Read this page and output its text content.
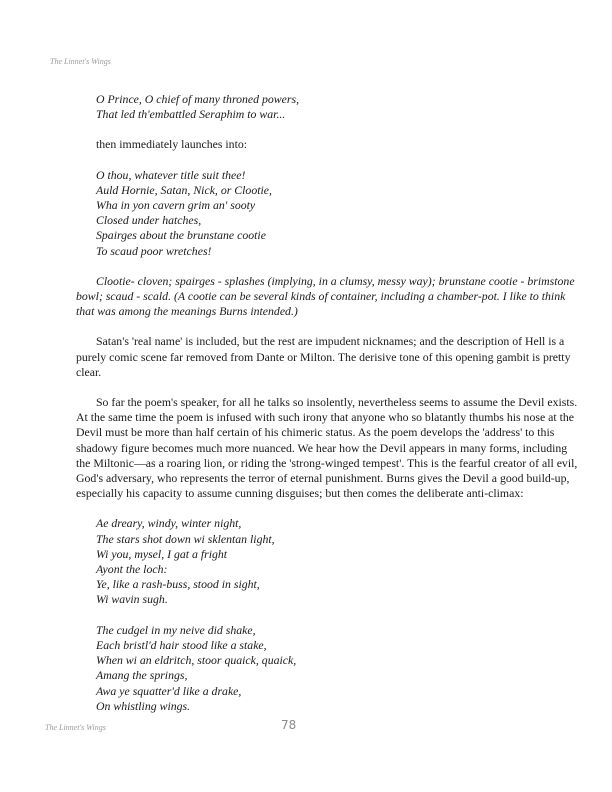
The Linnet's Wings
O Prince, O chief of many throned powers,
That led th'embattled Seraphim to war...
then immediately launches into:
O thou, whatever title suit thee!
Auld Hornie, Satan, Nick, or Clootie,
Wha in yon cavern grim an' sooty
Closed under hatches,
Spairges about the brunstane cootie
To scaud poor wretches!

Clootie- cloven; spairges - splashes (implying, in a clumsy, messy way); brunstane cootie - brimstone bowl; scaud - scald. (A cootie can be several kinds of container, including a chamber-pot. I like to think that was among the meanings Burns intended.)

Satan's 'real name' is included, but the rest are impudent nicknames; and the description of Hell is a purely comic scene far removed from Dante or Milton. The derisive tone of this opening gambit is pretty clear.

So far the poem's speaker, for all he talks so insolently, nevertheless seems to assume the Devil exists. At the same time the poem is infused with such irony that anyone who so blatantly thumbs his nose at the Devil must be more than half certain of his chimeric status. As the poem develops the 'address' to this shadowy figure becomes much more nuanced. We hear how the Devil appears in many forms, including the Miltonic—as a roaring lion, or riding the 'strong-winged tempest'. This is the fearful creator of all evil, God's adversary, who represents the terror of eternal punishment. Burns gives the Devil a good build-up, especially his capacity to assume cunning disguises; but then comes the deliberate anti-climax:

Ae dreary, windy, winter night,
The stars shot down wi sklentan light,
Wi you, mysel, I gat a fright
Ayont the loch:
Ye, like a rash-buss, stood in sight,
Wi wavin sugh.
The cudgel in my neive did shake,
Each bristl'd hair stood like a stake,
When wi an eldritch, stoor quaick, quaick,
Amang the springs,
Awa ye squatter'd like a drake,
On whistling wings.
The Linnet's Wings	78
